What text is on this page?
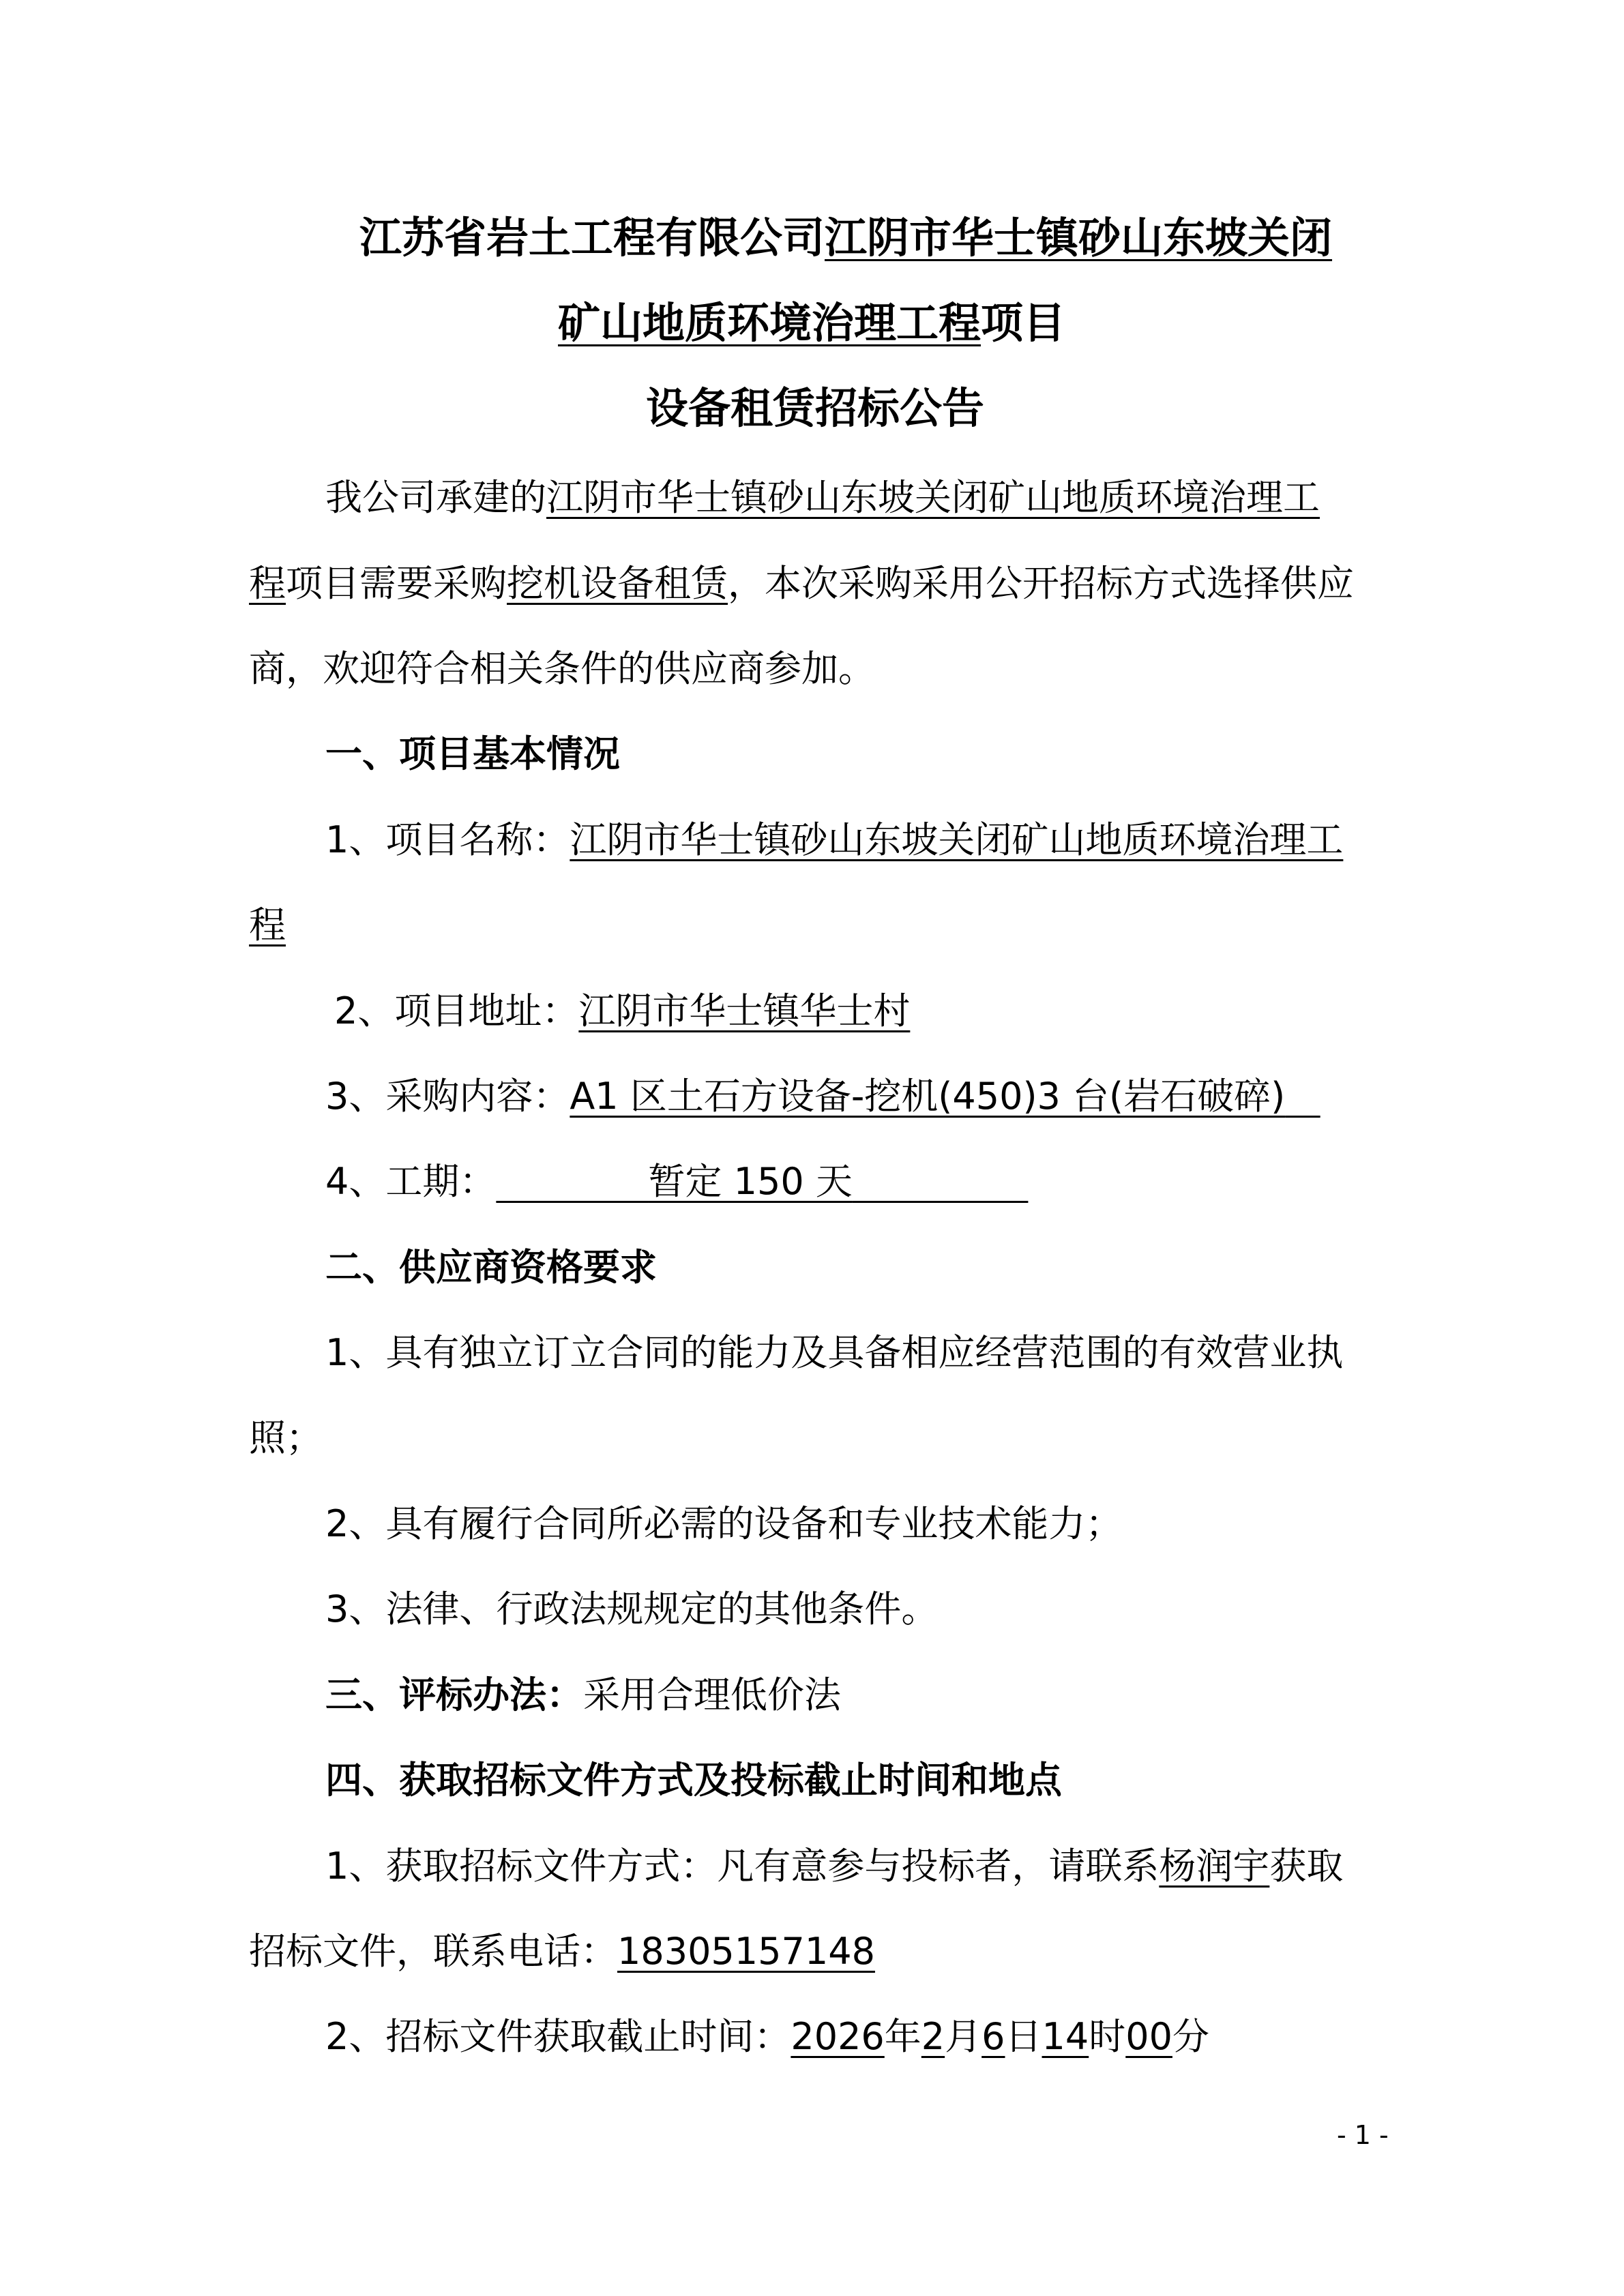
江苏省岩土工程有限公司江阴市华士镇砂山东坡关闭
矿山地质环境治理工程项目
设备租赁招标公告
我公司承建的江阴市华士镇砂山东坡关闭矿山地质环境治理工
程项目需要采购挖机设备租赁，本次采购采用公开招标方式选择供应
商，欢迎符合相关条件的供应商参加。
一、项目基本情况
1、项目名称：江阴市华士镇砂山东坡关闭矿山地质环境治理工
程
2、项目地址：江阴市华士镇华士村
3、采购内容：A1 区土石方设备-挖机(450)3 台(岩石破碎)
4、工期：	暂定 150 天
二、供应商资格要求
1、具有独立订立合同的能力及具备相应经营范围的有效营业执
照；
2、具有履行合同所必需的设备和专业技术能力；
3、法律、行政法规规定的其他条件。
三、评标办法：采用合理低价法
四、获取招标文件方式及投标截止时间和地点
1、获取招标文件方式：凡有意参与投标者，请联系杨润宇获取
招标文件，联系电话：18305157148
2、招标文件获取截止时间：2026年2月6日14时00分
- 1 -
